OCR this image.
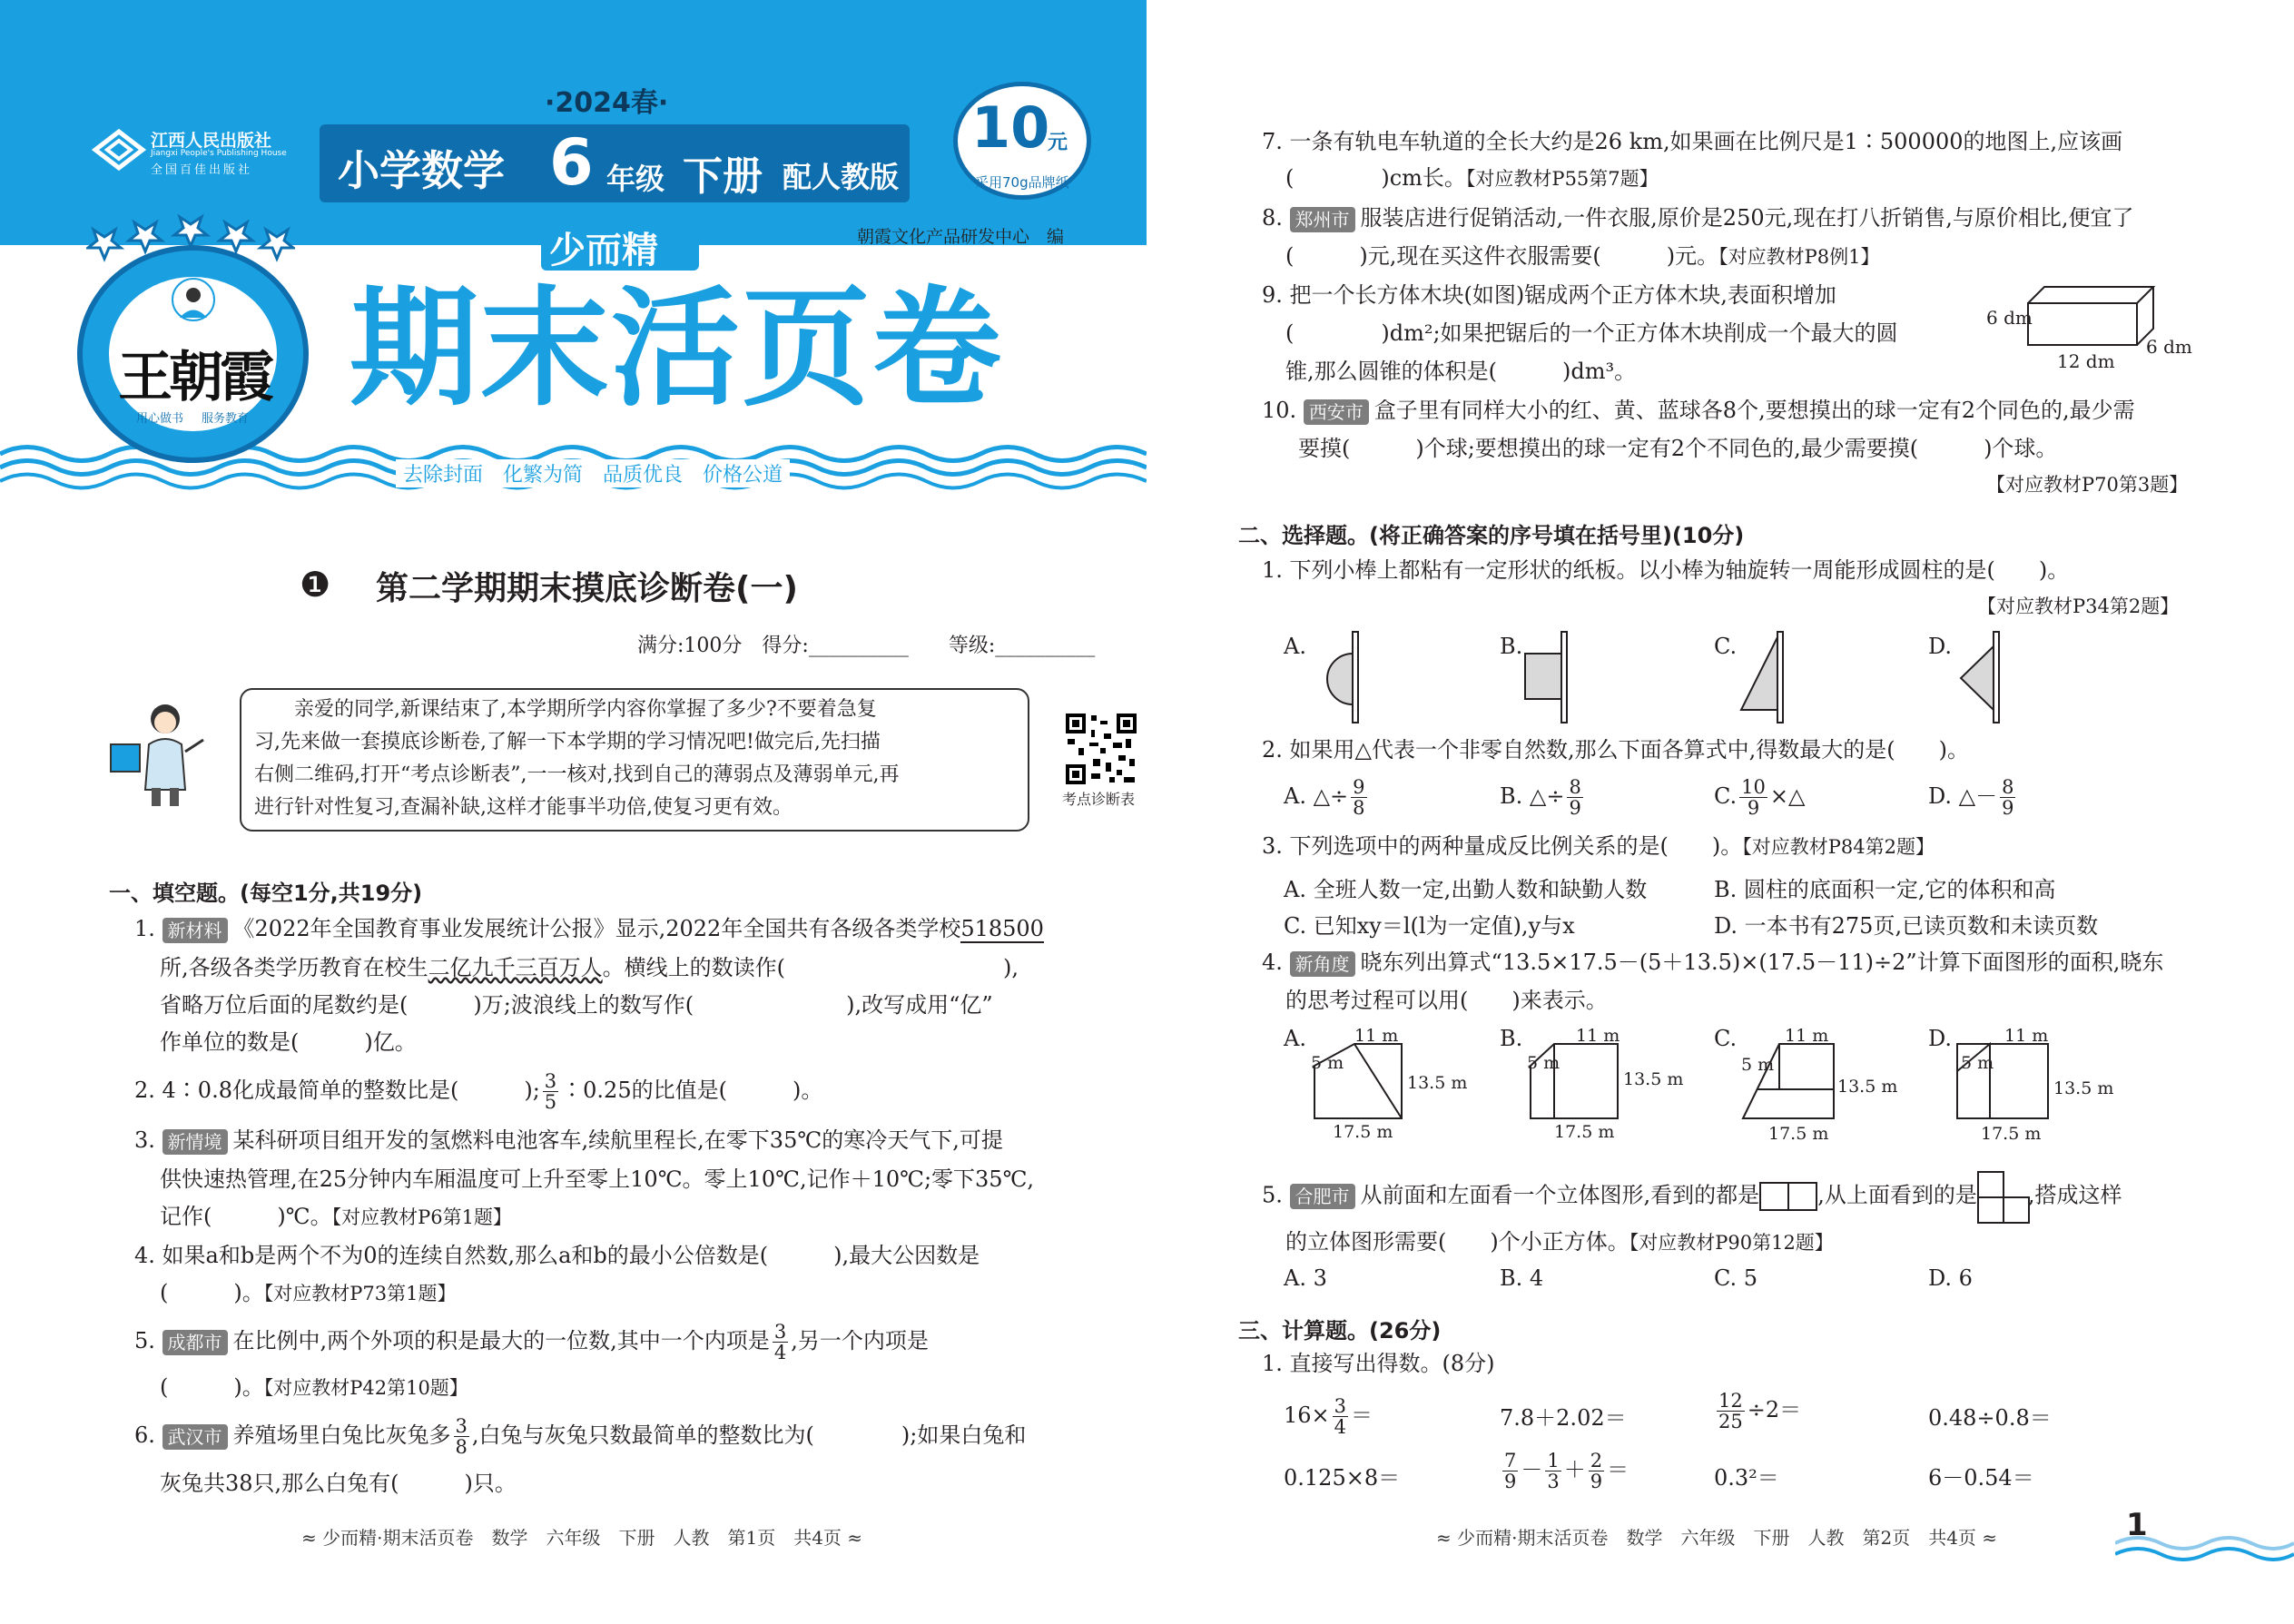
江西人民出版社
Jiangxi People's Publishing House
全国百佳出版社
·2024春·
小学数学 6 年级 下册 配人教版
10
元
采用70g品牌纸
王朝霞
用心做书 服务教育
少而精	朝霞文化产品研发中心　编
期末活页卷
去除封面　化繁为简　品质优良　价格公道
❶ 第二学期期末摸底诊断卷(一)
满分:100分　得分:__________　　等级:__________
　　亲爱的同学,新课结束了,本学期所学内容你掌握了多少?不要着急复
习,先来做一套摸底诊断卷,了解一下本学期的学习情况吧!做完后,先扫描
右侧二维码,打开“考点诊断表”,一一核对,找到自己的薄弱点及薄弱单元,再
进行针对性复习,查漏补缺,这样才能事半功倍,使复习更有效。	考点诊断表
一、填空题。(每空1分,共19分)
1. 新材料 《2022年全国教育事业发展统计公报》显示,2022年全国共有各级各类学校518500
所,各级各类学历教育在校生二亿九千三百万人。横线上的数读作(　　　　　　　　　　),
省略万位后面的尾数约是(　　　)万;波浪线上的数写作(　　　　　　　),改写成用“亿”
作单位的数是(　　　)亿。
2. 4∶0.8化成最简单的整数比是(　　　); $\frac{3}{5}$ ∶0.25的比值是(　　　)。
3. 新情境 某科研项目组开发的氢燃料电池客车,续航里程长,在零下35℃的寒冷天气下,可提
供快速热管理,在25分钟内车厢温度可上升至零上10℃。零上10℃,记作＋10℃;零下35℃,
记作(　　　)℃。【对应教材P6第1题】
4. 如果a和b是两个不为0的连续自然数,那么a和b的最小公倍数是(　　　),最大公因数是
(　　　)。【对应教材P73第1题】
5. 成都市 在比例中,两个外项的积是最大的一位数,其中一个内项是 $\frac{3}{4}$ ,另一个内项是
(　　　)。【对应教材P42第10题】
6. 武汉市 养殖场里白兔比灰兔多 $\frac{3}{8}$ ,白兔与灰兔只数最简单的整数比为(　　　　);如果白兔和
灰兔共38只,那么白兔有(　　　)只。
≈ 少而精·期末活页卷　数学　六年级　下册　人教　第1页　共4页 ≈
7. 一条有轨电车轨道的全长大约是26 km,如果画在比例尺是1∶500000的地图上,应该画
(　　　　)cm长。【对应教材P55第7题】
8. 郑州市 服装店进行促销活动,一件衣服,原价是250元,现在打八折销售,与原价相比,便宜了
(　　　)元,现在买这件衣服需要(　　　)元。【对应教材P8例1】
9. 把一个长方体木块(如图)锯成两个正方体木块,表面积增加
(　　　　)dm²;如果把锯后的一个正方体木块削成一个最大的圆
锥,那么圆锥的体积是(　　　)dm³。
6 dm
12 dm
6 dm
10. 西安市 盒子里有同样大小的红、黄、蓝球各8个,要想摸出的球一定有2个同色的,最少需
要摸(　　　)个球;要想摸出的球一定有2个不同色的,最少需要摸(　　　)个球。
【对应教材P70第3题】
二、选择题。(将正确答案的序号填在括号里)(10分)
1. 下列小棒上都粘有一定形状的纸板。以小棒为轴旋转一周能形成圆柱的是(　　)。
【对应教材P34第2题】
A.	B.	C.	D.
2. 如果用△代表一个非零自然数,那么下面各算式中,得数最大的是(　　)。
A. △÷ $\frac{9}{8}$	B. △÷ $\frac{8}{9}$	C. $\frac{10}{9}$ ×△	D. △－ $\frac{8}{9}$
3. 下列选项中的两种量成反比例关系的是(　　)。【对应教材P84第2题】
A. 全班人数一定,出勤人数和缺勤人数	B. 圆柱的底面积一定,它的体积和高
C. 已知xy＝l(l为一定值),y与x	D. 一本书有275页,已读页数和未读页数
4. 新角度 晓东列出算式“13.5×17.5－(5＋13.5)×(17.5－11)÷2”计算下面图形的面积,晓东
的思考过程可以用(　　)来表示。
A.	11 m
5 m
13.5 m
17.5 m
B.	11 m
5 m
13.5 m
17.5 m
C.	11 m
5 m
13.5 m
17.5 m
D.	11 m
5 m
13.5 m
17.5 m
5. 合肥市 从前面和左面看一个立体图形,看到的都是	,从上面看到的是 ,搭成这样
的立体图形需要(　　)个小正方体。【对应教材P90第12题】
A. 3	B. 4	C. 5	D. 6
三、计算题。(26分)
1. 直接写出得数。(8分)
$16\times \frac{3}{4}$ ＝	7.8＋2.02＝	$\frac{12}{25} \div 2=$	0.48÷0.8＝
0.125×8＝	$\frac{7}{9} - \frac{1}{3} + \frac{2}{9}$ ＝	0.3²＝	6－0.54＝
≈ 少而精·期末活页卷　数学　六年级　下册　人教　第2页　共4页 ≈	1
